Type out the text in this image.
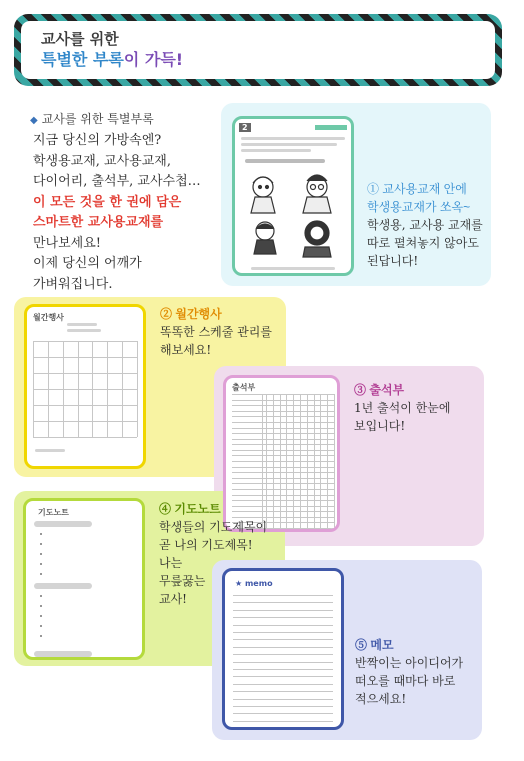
교사를 위한
특별한 부록이 가득!
◆ 교사를 위한 특별부록
지금 당신의 가방속엔?
학생용교재, 교사용교재,
다이어리, 출석부, 교사수첩…
이 모든 것을 한 권에 담은
스마트한 교사용교재를
만나보세요!
이제 당신의 어깨가
가벼워집니다.
2
① 교사용교재 안에
학생용교재가 쏘옥~
학생용, 교사용 교재를
따로 펼쳐놓지 않아도
된답니다!
월간행사	② 월간행사
똑똑한 스케줄 관리를
해보세요!
출석부	③ 출석부
1년 출석이 한눈에
보입니다!
기도노트	④ 기도노트
학생들의 기도제목이
곧 나의 기도제목!
나는
무릎꿇는
교사!
★ memo
⑤ 메모
반짝이는 아이디어가
떠오를 때마다 바로
적으세요!
